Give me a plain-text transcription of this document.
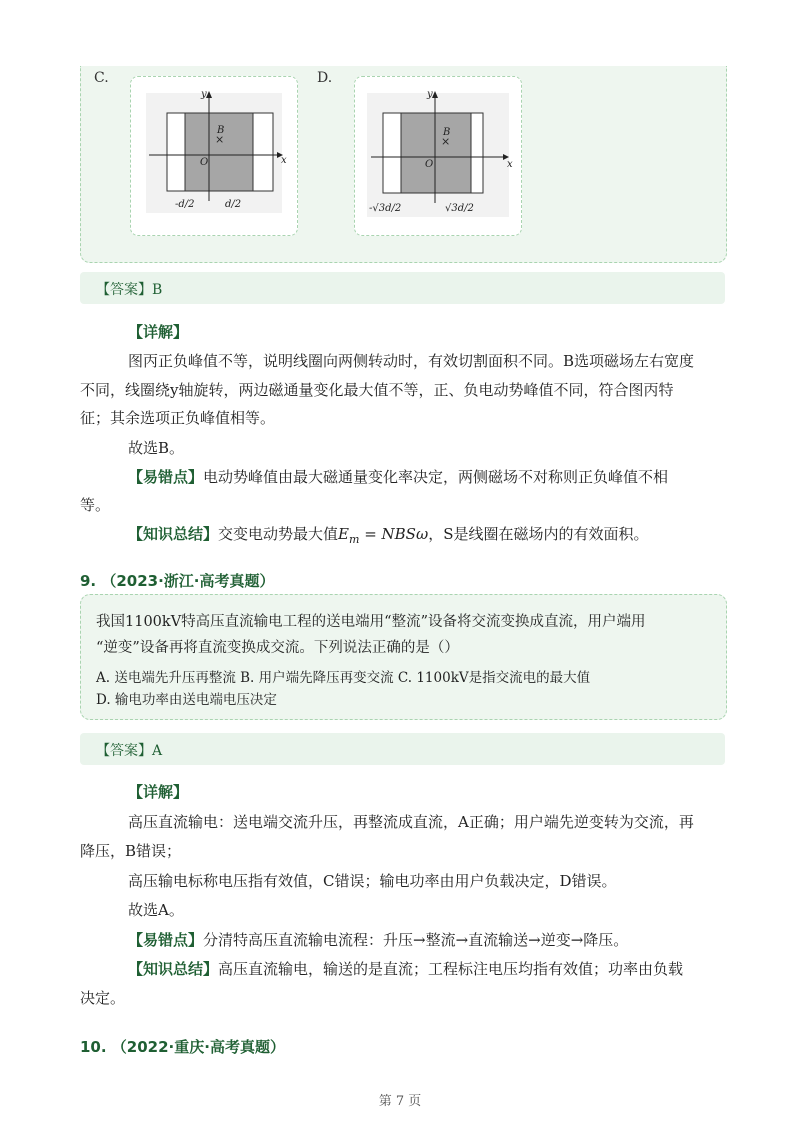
C.
y
x
O
B
×
-d/2	d/2
D.
y
x
O
B
×
-√3d/2	√3d/2
【答案】B
【详解】
图丙正负峰值不等，说明线圈向两侧转动时，有效切割面积不同。B选项磁场左右宽度
不同，线圈绕y轴旋转，两边磁通量变化最大值不等，正、负电动势峰值不同，符合图丙特
征；其余选项正负峰值相等。
故选B。
【易错点】电动势峰值由最大磁通量变化率决定，两侧磁场不对称则正负峰值不相
等。
【知识总结】交变电动势最大值$E_m = NBS\omega$，S是线圈在磁场内的有效面积。
9. （2023·浙江·高考真题）
我国1100kV特高压直流输电工程的送电端用“整流”设备将交流变换成直流，用户端用
“逆变”设备再将直流变换成交流。下列说法正确的是（）
A. 送电端先升压再整流 B. 用户端先降压再变交流 C. 1100kV是指交流电的最大值
D. 输电功率由送电端电压决定
【答案】A
【详解】
高压直流输电：送电端交流升压，再整流成直流，A正确；用户端先逆变转为交流，再
降压，B错误；
高压输电标称电压指有效值，C错误；输电功率由用户负载决定，D错误。
故选A。
【易错点】分清特高压直流输电流程：升压→整流→直流输送→逆变→降压。
【知识总结】高压直流输电，输送的是直流；工程标注电压均指有效值；功率由负载
决定。
10. （2022·重庆·高考真题）
第 7 页
